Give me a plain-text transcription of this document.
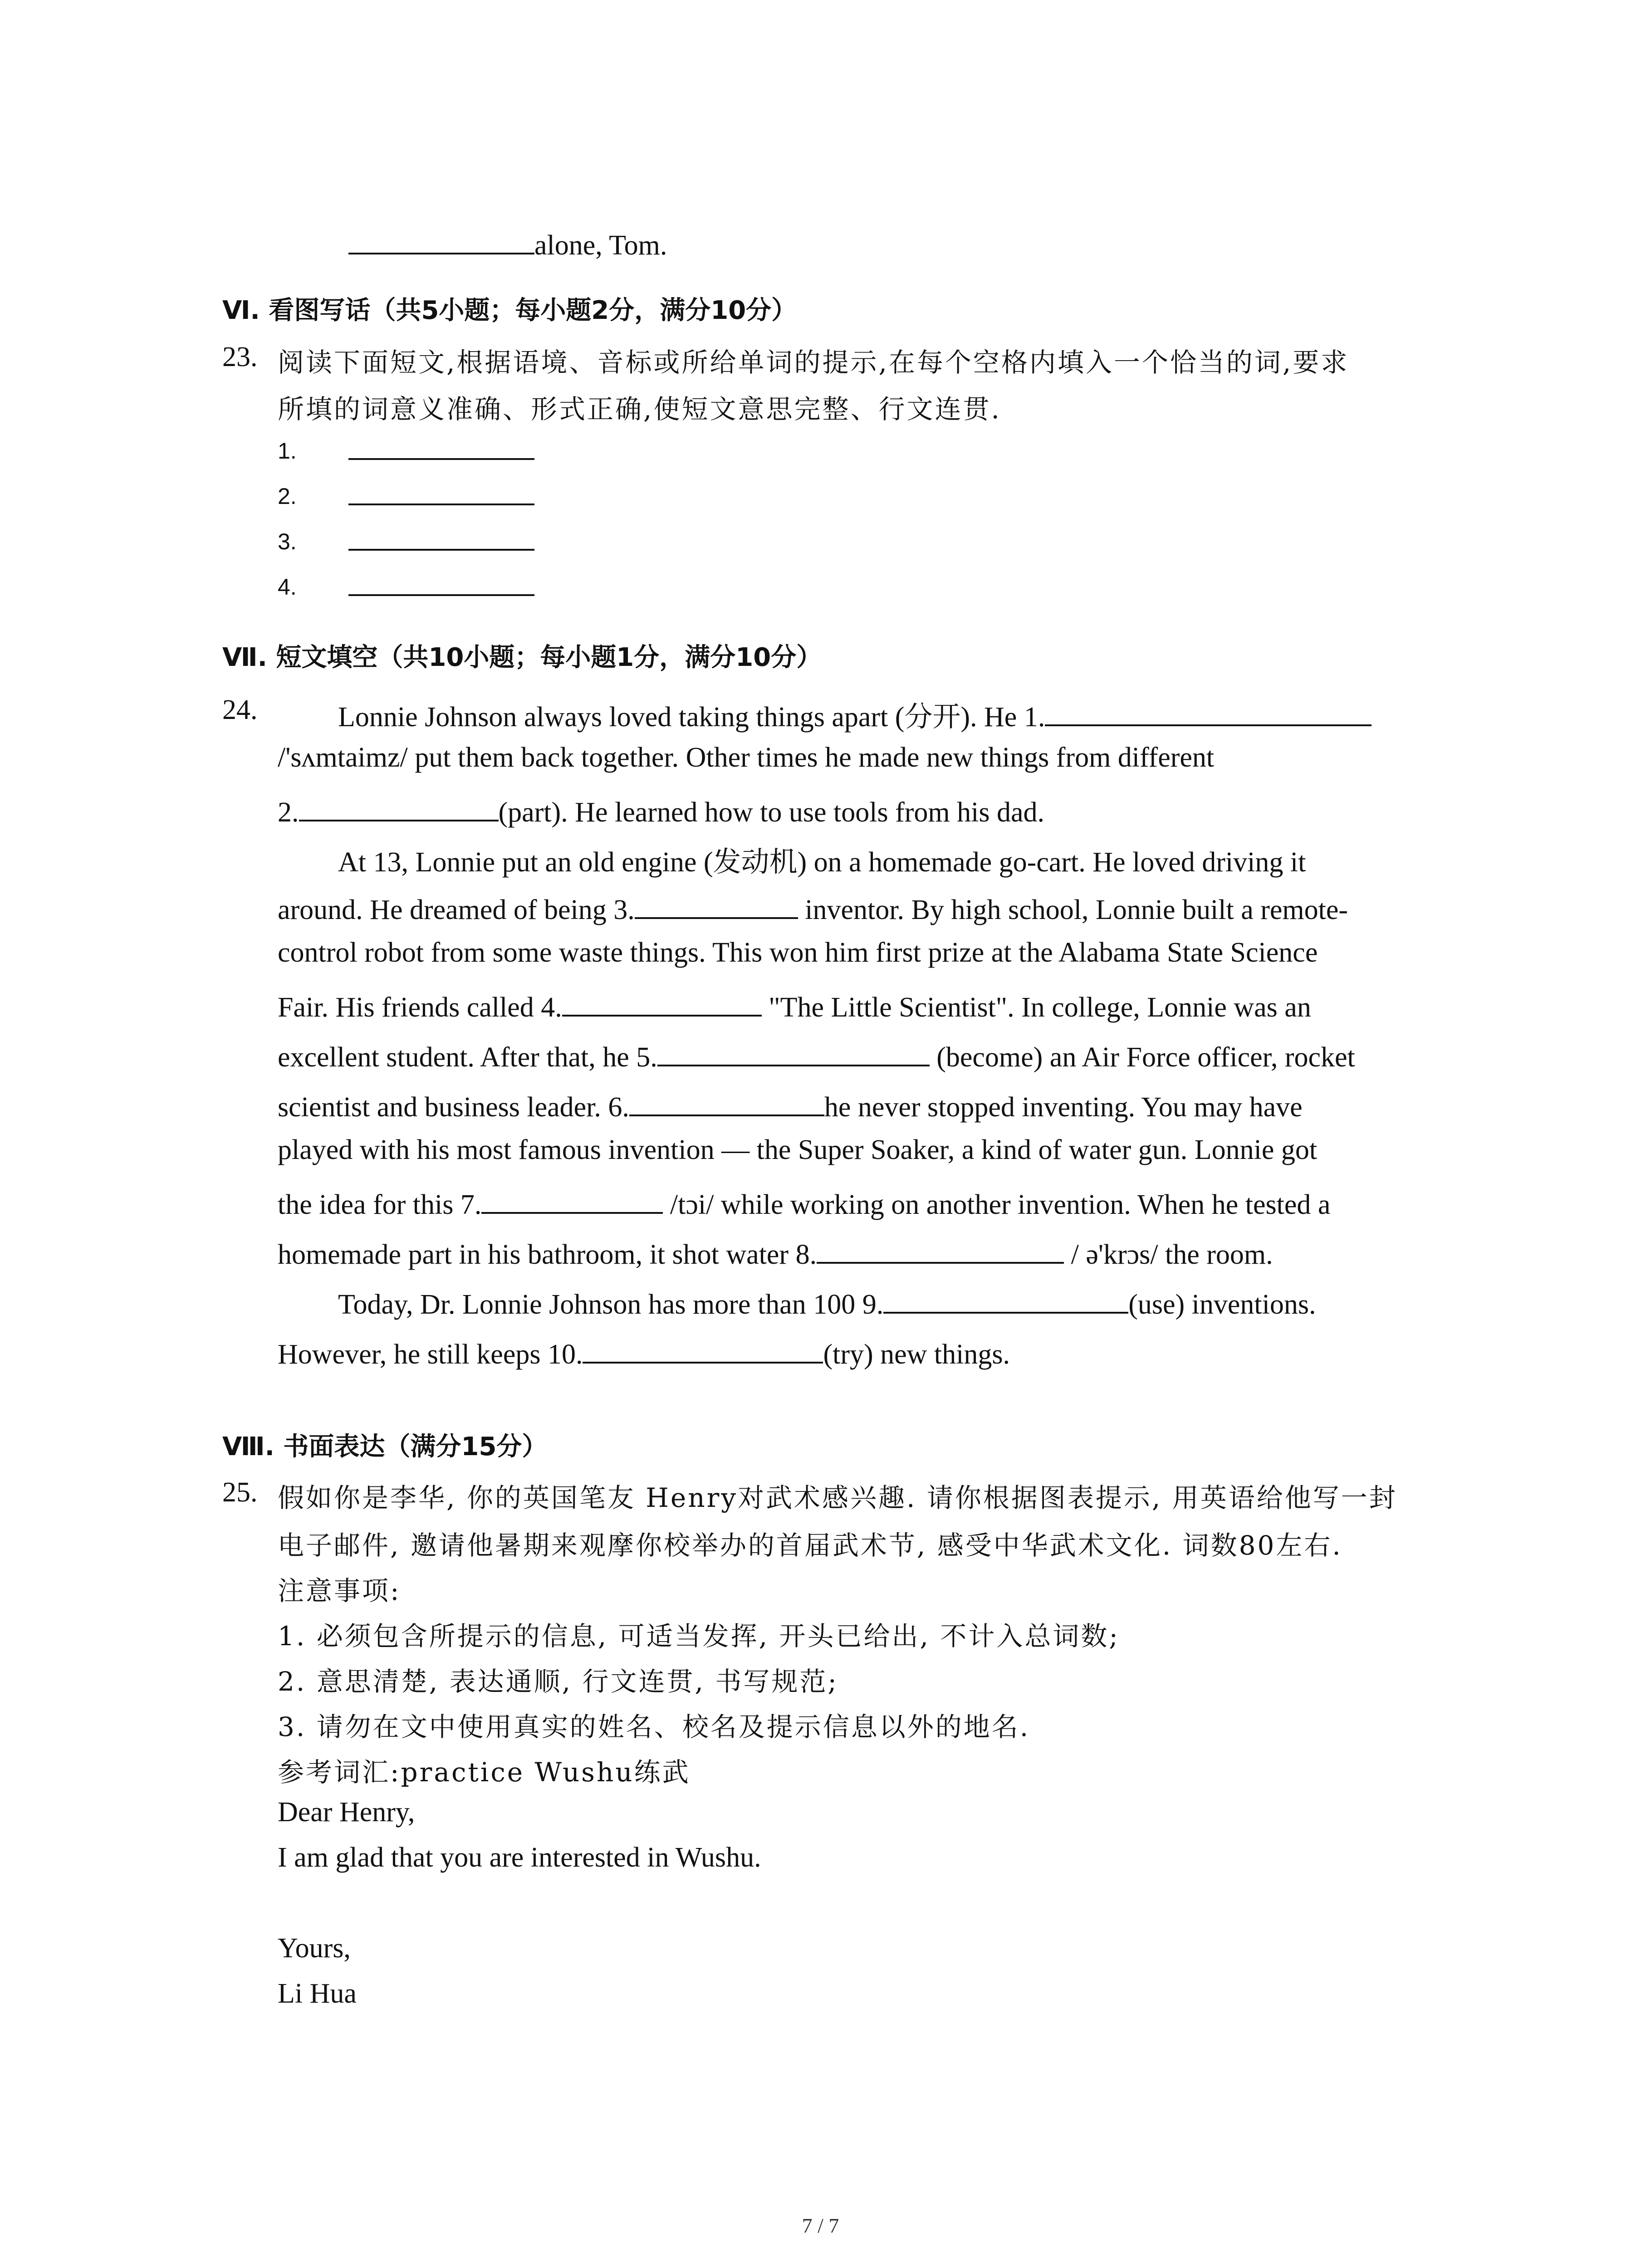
alone, Tom.
Ⅵ. 看图写话（共5小题；每小题2分，满分10分）
23. 阅读下面短文,根据语境、音标或所给单词的提示,在每个空格内填入一个恰当的词,要求
所填的词意义准确、形式正确,使短文意思完整、行文连贯.
1.
2.
3.
4.
Ⅶ. 短文填空（共10小题；每小题1分，满分10分）
24.	Lonnie Johnson always loved taking things apart (分开). He 1.
/'sʌmtaimz/ put them back together. Other times he made new things from different
2.	(part). He learned how to use tools from his dad.
At 13, Lonnie put an old engine (发动机) on a homemade go-cart. He loved driving it
around. He dreamed of being 3.	inventor. By high school, Lonnie built a remote-
control robot from some waste things. This won him first prize at the Alabama State Science
Fair. His friends called 4.	"The Little Scientist". In college, Lonnie was an
excellent student. After that, he 5.	(become) an Air Force officer, rocket
scientist and business leader. 6.	he never stopped inventing. You may have
played with his most famous invention — the Super Soaker, a kind of water gun. Lonnie got
the idea for this 7.	/tɔi/ while working on another invention. When he tested a
homemade part in his bathroom, it shot water 8.	/ ə'krɔs/ the room.
Today, Dr. Lonnie Johnson has more than 100 9.	(use) inventions.
However, he still keeps 10.	(try) new things.
Ⅷ. 书面表达（满分15分）
25. 假如你是李华, 你的英国笔友 Henry对武术感兴趣. 请你根据图表提示, 用英语给他写一封
电子邮件, 邀请他暑期来观摩你校举办的首届武术节, 感受中华武术文化. 词数80左右.
注意事项:
1. 必须包含所提示的信息, 可适当发挥, 开头已给出, 不计入总词数;
2. 意思清楚, 表达通顺, 行文连贯, 书写规范;
3. 请勿在文中使用真实的姓名、校名及提示信息以外的地名.
参考词汇:practice Wushu练武
Dear Henry,
I am glad that you are interested in Wushu.
Yours,
Li Hua
7 / 7
